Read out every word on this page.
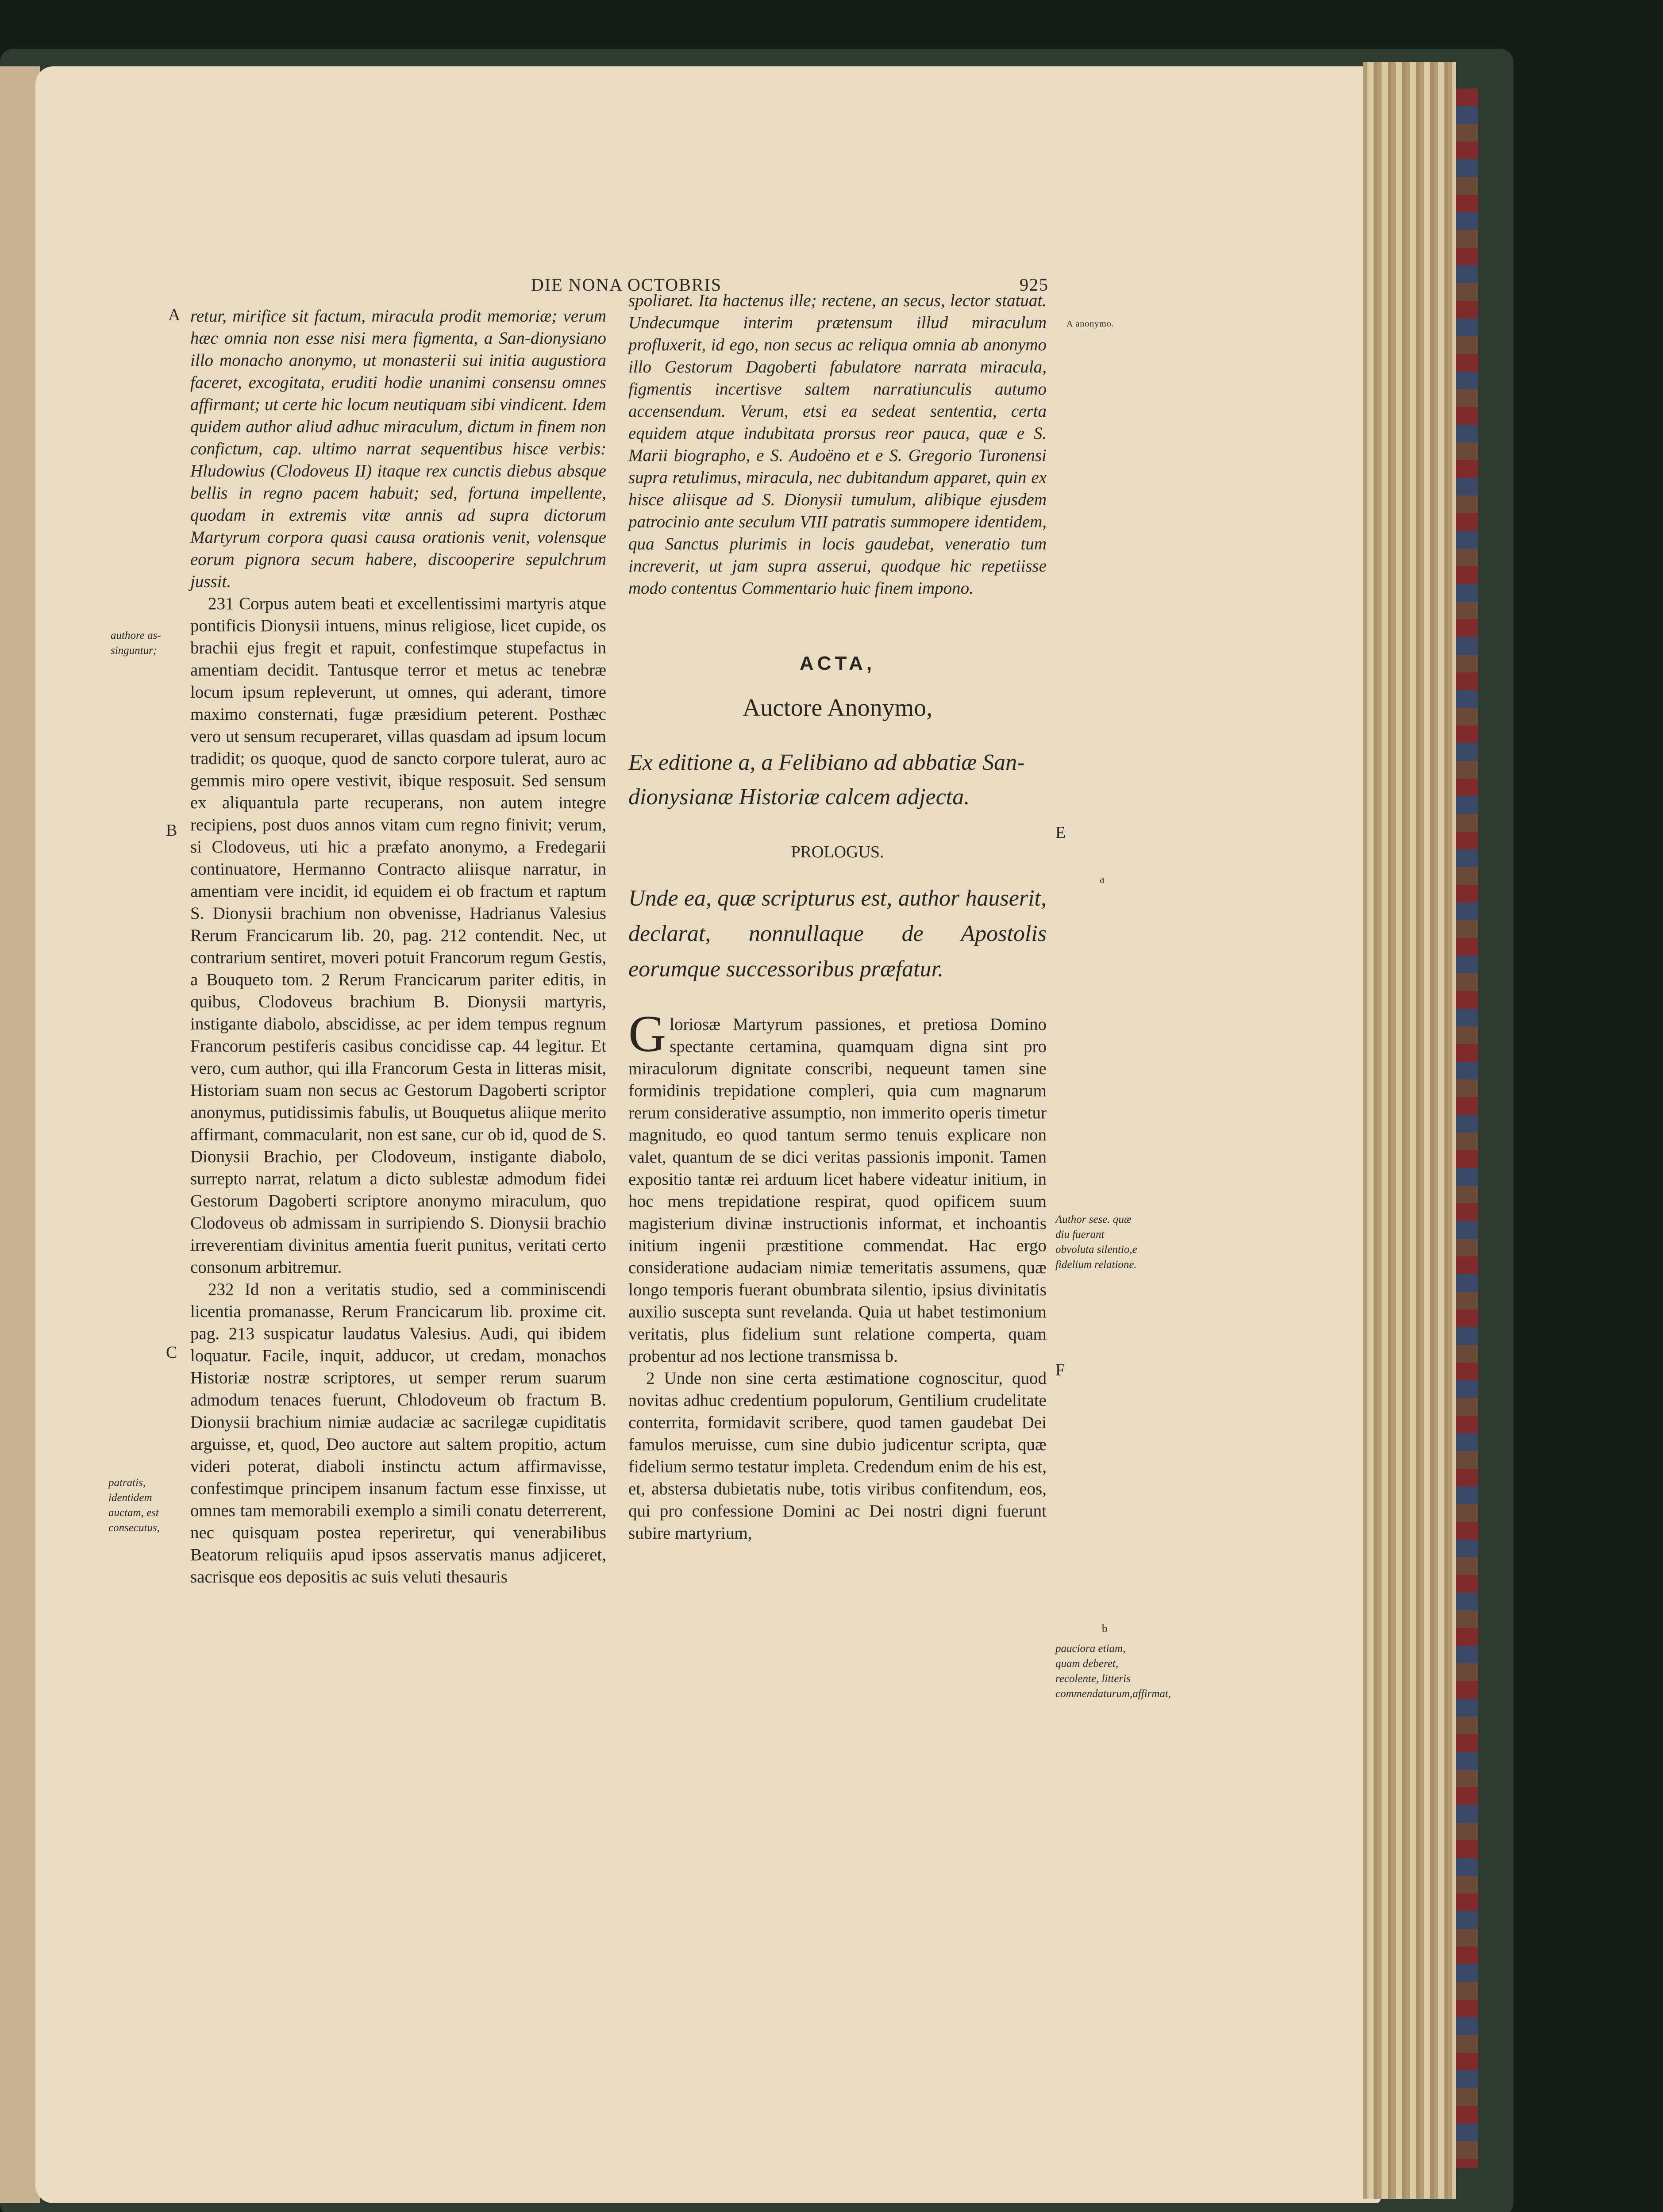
DIE NONA OCTOBRIS	925
A
B
C
E
F
a
A anonymo.
authore as-singuntur;
patratis, identidem auctam, est consecutus,
Author sese. quæ diu fuerant obvoluta silentio,e fidelium relatione.
b
pauciora etiam, quam deberet, recolente, litteris commendaturum,affirmat,

retur, mirifice sit factum, miracula prodit memoriæ; verum hæc omnia non esse nisi mera figmenta, a San-dionysiano illo monacho anonymo, ut monasterii sui initia augustiora faceret, excogitata, eruditi hodie unanimi consensu omnes affirmant; ut certe hic locum neutiquam sibi vindicent. Idem quidem author aliud adhuc miraculum, dictum in finem non confictum, cap. ultimo narrat sequentibus hisce verbis: Hludowius (Clodoveus II) itaque rex cunctis diebus absque bellis in regno pacem habuit; sed, fortuna impellente, quodam in extremis vitæ annis ad supra dictorum Martyrum corpora quasi causa orationis venit, volensque eorum pignora secum habere, discooperire sepulchrum jussit.

231 Corpus autem beati et excellentissimi martyris atque pontificis Dionysii intuens, minus religiose, licet cupide, os brachii ejus fregit et rapuit, confestimque stupefactus in amentiam decidit. Tantusque terror et metus ac tenebræ locum ipsum repleverunt, ut omnes, qui aderant, timore maximo consternati, fugæ præsidium peterent. Posthæc vero ut sensum recuperaret, villas quasdam ad ipsum locum tradidit; os quoque, quod de sancto corpore tulerat, auro ac gemmis miro opere vestivit, ibique resposuit. Sed sensum ex aliquantula parte recuperans, non autem integre recipiens, post duos annos vitam cum regno finivit; verum, si Clodoveus, uti hic a præfato anonymo, a Fredegarii continuatore, Hermanno Contracto aliisque narratur, in amentiam vere incidit, id equidem ei ob fractum et raptum S. Dionysii brachium non obvenisse, Hadrianus Valesius Rerum Francicarum lib. 20, pag. 212 contendit. Nec, ut contrarium sentiret, moveri potuit Francorum regum Gestis, a Bouqueto tom. 2 Rerum Francicarum pariter editis, in quibus, Clodoveus brachium B. Dionysii martyris, instigante diabolo, abscidisse, ac per idem tempus regnum Francorum pestiferis casibus concidisse cap. 44 legitur. Et vero, cum author, qui illa Francorum Gesta in litteras misit, Historiam suam non secus ac Gestorum Dagoberti scriptor anonymus, putidissimis fabulis, ut Bouquetus aliique merito affirmant, commacularit, non est sane, cur ob id, quod de S. Dionysii Brachio, per Clodoveum, instigante diabolo, surrepto narrat, relatum a dicto sublestæ admodum fidei Gestorum Dagoberti scriptore anonymo miraculum, quo Clodoveus ob admissam in surripiendo S. Dionysii brachio irreverentiam divinitus amentia fuerit punitus, veritati certo consonum arbitremur.

232 Id non a veritatis studio, sed a comminiscendi licentia promanasse, Rerum Francicarum lib. proxime cit. pag. 213 suspicatur laudatus Valesius. Audi, qui ibidem loquatur. Facile, inquit, adducor, ut credam, monachos Historiæ nostræ scriptores, ut semper rerum suarum admodum tenaces fuerunt, Chlodoveum ob fractum B. Dionysii brachium nimiæ audaciæ ac sacrilegæ cupiditatis arguisse, et, quod, Deo auctore aut saltem propitio, actum videri poterat, diaboli instinctu actum affirmavisse, confestimque principem insanum factum esse finxisse, ut omnes tam memorabili exemplo a simili conatu deterrerent, nec quisquam postea reperiretur, qui venerabilibus Beatorum reliquiis apud ipsos asservatis manus adjiceret, sacrisque eos depositis ac suis veluti thesauris

spoliaret. Ita hactenus ille; rectene, an secus, lector statuat. Undecumque interim prætensum illud miraculum profluxerit, id ego, non secus ac reliqua omnia ab anonymo illo Gestorum Dagoberti fabulatore narrata miracula, figmentis incertisve saltem narratiunculis autumo accensendum. Verum, etsi ea sedeat sententia, certa equidem atque indubitata prorsus reor pauca, quæ e S. Marii biographo, e S. Audoëno et e S. Gregorio Turonensi supra retulimus, miracula, nec dubitandum apparet, quin ex hisce aliisque ad S. Dionysii tumulum, alibique ejusdem patrocinio ante seculum VIII patratis summopere identidem, qua Sanctus plurimis in locis gaudebat, veneratio tum increverit, ut jam supra asserui, quodque hic repetiisse modo contentus Commentario huic finem impono.

ACTA,
Auctore Anonymo,
Ex editione a, a Felibiano ad abbatiæ San-dionysianæ Historiæ calcem adjecta.
PROLOGUS.
Unde ea, quæ scripturus est, author hauserit, declarat, nonnullaque de Apostolis eorumque successoribus præfatur.

Gloriosæ Martyrum passiones, et pretiosa Domino spectante certamina, quamquam digna sint pro miraculorum dignitate conscribi, nequeunt tamen sine formidinis trepidatione compleri, quia cum magnarum rerum considerative assumptio, non immerito operis timetur magnitudo, eo quod tantum sermo tenuis explicare non valet, quantum de se dici veritas passionis imponit. Tamen expositio tantæ rei arduum licet habere videatur initium, in hoc mens trepidatione respirat, quod opificem suum magisterium divinæ instructionis informat, et inchoantis initium ingenii præstitione commendat. Hac ergo consideratione audaciam nimiæ temeritatis assumens, quæ longo temporis fuerant obumbrata silentio, ipsius divinitatis auxilio suscepta sunt revelanda. Quia ut habet testimonium veritatis, plus fidelium sunt relatione comperta, quam probentur ad nos lectione transmissa b.

2 Unde non sine certa æstimatione cognoscitur, quod novitas adhuc credentium populorum, Gentilium crudelitate conterrita, formidavit scribere, quod tamen gaudebat Dei famulos meruisse, cum sine dubio judicentur scripta, quæ fidelium sermo testatur impleta. Credendum enim de his est, et, abstersa dubietatis nube, totis viribus confitendum, eos, qui pro confessione Domini ac Dei nostri digni fuerunt subire martyrium,
